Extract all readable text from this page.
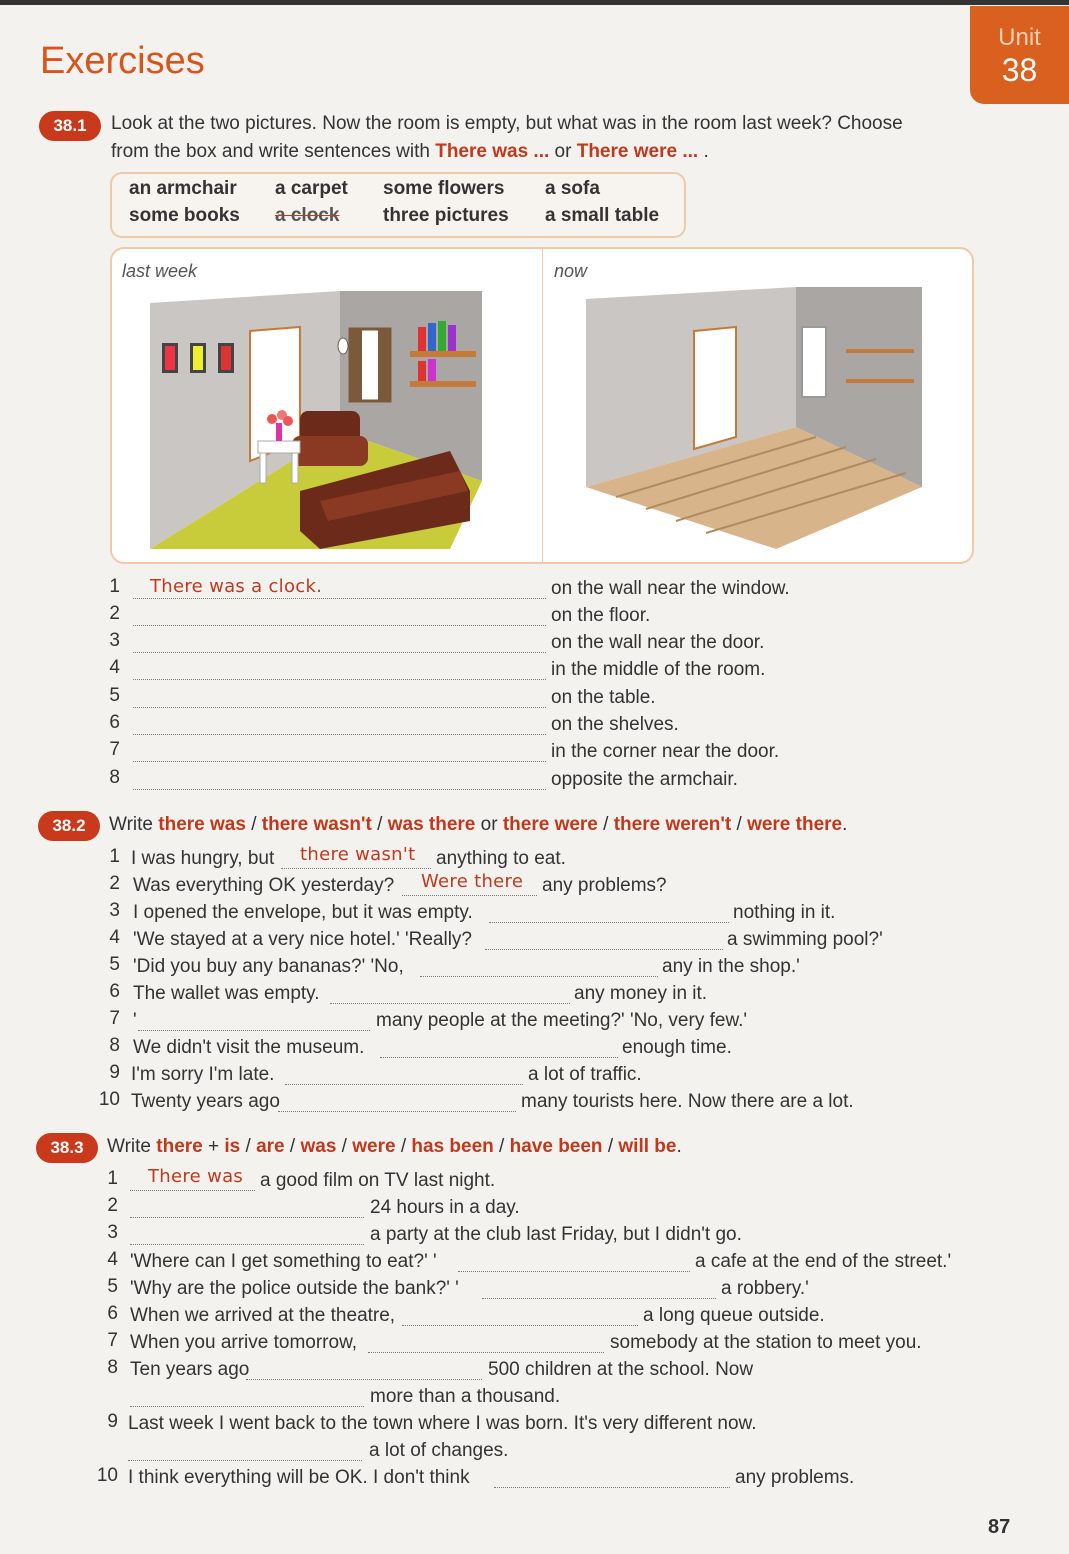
Unit
38
Exercises
38.1	Look at the two pictures. Now the room is empty, but what was in the room last week? Choose
from the box and write sentences with There was ... or There were ... .
an armchair a carpet some flowers a sofa
some books a clock three pictures a small table
last week	now
There was a clock.
1	on the wall near the window.
2	on the floor.
3	on the wall near the door.
4	in the middle of the room.
5	on the table.
6	on the shelves.
7	in the corner near the door.
8	opposite the armchair.
38.2	Write there was / there wasn't / was there or there were / there weren't / were there.
1 I was hungry, but there wasn't anything to eat.
2 Was everything OK yesterday? Were there any problems?
3 I opened the envelope, but it was empty.	nothing in it.
4 'We stayed at a very nice hotel.' 'Really?	a swimming pool?'
5 'Did you buy any bananas?' 'No,	any in the shop.'
6 The wallet was empty.	any money in it.
7 '	many people at the meeting?' 'No, very few.'
8 We didn't visit the museum.	enough time.
9 I'm sorry I'm late.	a lot of traffic.
10 Twenty years ago	many tourists here. Now there are a lot.
38.3	Write there + is / are / was / were / has been / have been / will be.
1 There was a good film on TV last night.
2	24 hours in a day.
3	a party at the club last Friday, but I didn't go.
4 'Where can I get something to eat?' '	a cafe at the end of the street.'
5 'Why are the police outside the bank?' '	a robbery.'
6 When we arrived at the theatre,	a long queue outside.
7 When you arrive tomorrow,	somebody at the station to meet you.
8 Ten years ago	500 children at the school. Now
more than a thousand.
9 Last week I went back to the town where I was born. It's very different now.
a lot of changes.
10 I think everything will be OK. I don't think	any problems.
87
